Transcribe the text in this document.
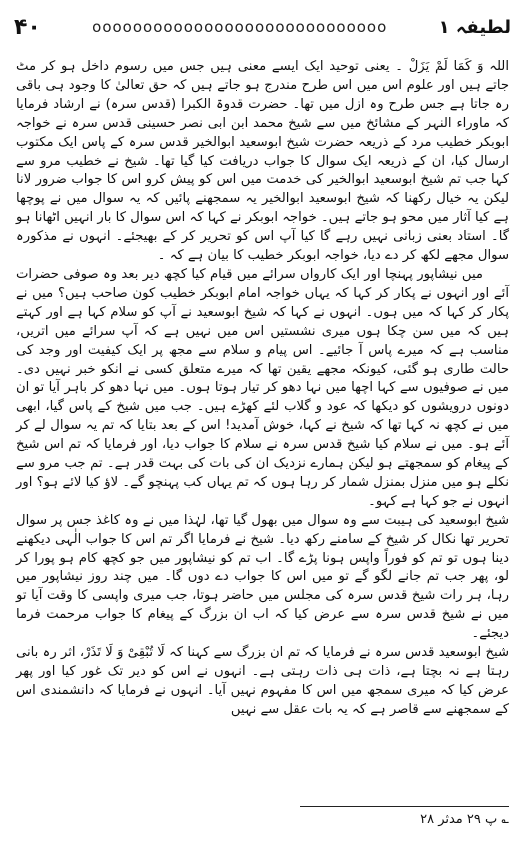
۴۰	ooooooooooooooooooooooooooooo	لطیفہ ۱

اللہ وَ کَمَا لَمْ یَزَلْ ۔ یعنی توحید ایک ایسے معنی ہیں جس میں رسوم داخل ہو کر مٹ جاتے ہیں اور علوم اس میں اس طرح مندرج ہو جاتے ہیں کہ حق تعالیٰ کا وجود ہی باقی رہ جاتا ہے جس طرح وہ ازل میں تھا۔ حضرت قدوۃ الکبرا (قدس سرہ) نے ارشاد فرمایا کہ ماوراء النہر کے مشائخ میں سے شیخ محمد ابن ابی نصر حسینی قدس سرہ نے خواجہ ابوبکر خطیب مرد کے ذریعہ حضرت شیخ ابوسعید ابوالخیر قدس سرہ کے پاس ایک مکتوب ارسال کیا، ان کے ذریعہ ایک سوال کا جواب دریافت کیا گیا تھا۔ شیخ نے خطیب مرو سے کہا جب تم شیخ ابوسعید ابوالخیر کی خدمت میں اس کو پیش کرو اس کا جواب ضرور لانا لیکن یہ خیال رکھنا کہ شیخ ابوسعید ابوالخیر یہ سمجھنے پائیں کہ یہ سوال میں نے پوچھا ہے کیا آثار میں محو ہو جاتے ہیں۔ خواجہ ابوبکر نے کہا کہ اس سوال کا بار انہیں اٹھانا ہو گا۔ استاد بعنی زبانی نہیں رہے گا کیا آپ اس کو تحریر کر کے بھیجئے۔ انہوں نے مذکورہ سوال مجھے لکھ کر دے دیا، خواجہ ابوبکر خطیب کا بیان ہے کہ ۔

میں نیشاپور پہنچا اور ایک کارواں سرائے میں قیام کیا کچھ دیر بعد وہ صوفی حضرات آئے اور انہوں نے پکار کر کہا کہ یہاں خواجہ امام ابوبکر خطیب کون صاحب ہیں؟ میں نے پکار کر کہا کہ میں ہوں۔ انہوں نے کہا کہ شیخ ابوسعید نے آپ کو سلام کہا ہے اور کہتے ہیں کہ میں سن چکا ہوں میری نشستیں اس میں نہیں ہے کہ آپ سرائے میں اتریں، مناسب ہے کہ میرے پاس آ جائیے۔ اس پیام و سلام سے مجھ پر ایک کیفیت اور وجد کی حالت طاری ہو گئی، کیونکہ مجھے یقین تھا کہ میرے متعلق کسی نے انکو خبر نہیں دی۔ میں نے صوفیوں سے کہا اچھا میں نہا دھو کر تیار ہوتا ہوں۔ میں نہا دھو کر باہر آیا تو ان دونوں درویشوں کو دیکھا کہ عود و گلاب لئے کھڑے ہیں۔ جب میں شیخ کے پاس گیا، ابھی میں نے کچھ نہ کہا تھا کہ شیخ نے کہا، خوش آمدید! اس کے بعد بتایا کہ تم یہ سوال لے کر آئے ہو۔ میں نے سلام کیا شیخ قدس سرہ نے سلام کا جواب دیا، اور فرمایا کہ تم اس شیخ کے پیغام کو سمجھتے ہو لیکن ہمارے نزدیک ان کی بات کی بہت قدر ہے۔ تم جب مرو سے نکلے ہو میں منزل بمنزل شمار کر رہا ہوں کہ تم یہاں کب پہنچو گے۔ لاؤ کیا لائے ہو؟ اور انہوں نے جو کہا ہے کہو۔

شیخ ابوسعید کی ہیبت سے وہ سوال میں بھول گیا تھا، لہٰذا میں نے وہ کاغذ جس پر سوال تحریر تھا نکال کر شیخ کے سامنے رکھ دیا۔ شیخ نے فرمایا اگر تم اس کا جواب الٰہی دیکھنے دینا ہوں تو تم کو فوراً واپس ہونا پڑے گا۔ اب تم کو نیشاپور میں جو کچھ کام ہو پورا کر لو، پھر جب تم جانے لگو گے تو میں اس کا جواب دے دوں گا۔ میں چند روز نیشاپور میں رہا، ہر رات شیخ قدس سرہ کی مجلس میں حاضر ہوتا، جب میری واپسی کا وقت آیا تو میں نے شیخ قدس سرہ سے عرض کیا کہ اب ان بزرگ کے پیغام کا جواب مرحمت فرما دیجئے۔

شیخ ابوسعید قدس سرہ نے فرمایا کہ تم ان بزرگ سے کہنا کہ لَا تُبْقِیْ وَ لَا تَذَرْ، اثر رہ بانی رہتا ہے نہ بچتا ہے، ذات ہی ذات رہتی ہے۔ انہوں نے اس کو دیر تک غور کیا اور پھر عرض کیا کہ میری سمجھ میں اس کا مفہوم نہیں آیا۔ انہوں نے فرمایا کہ دانشمندی اس کے سمجھنے سے قاصر ہے کہ یہ بات عقل سے نہیں

؎ پ ۲۹ مدثر ۲۸
